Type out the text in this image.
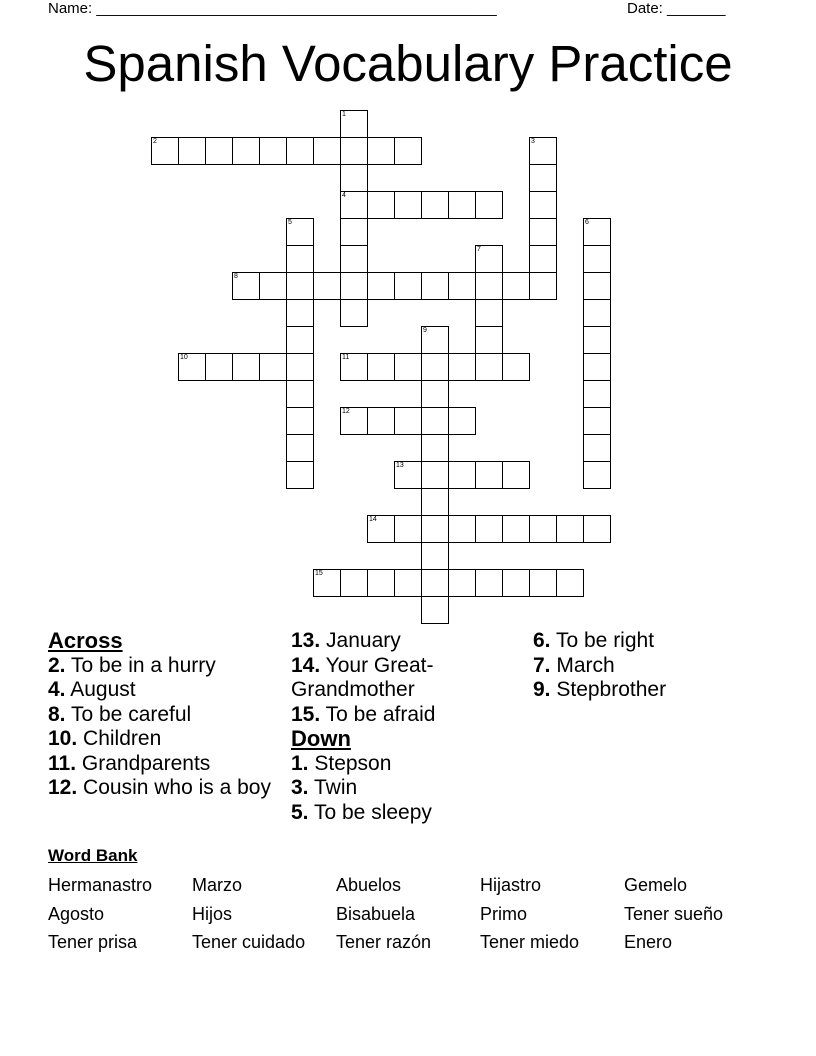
Name: ________________________________________________	Date: _______
Spanish Vocabulary Practice
1
4
2	3
5	6
7
8
9
10	11
12
13
14
15

Across

2. To be in a hurry

4. August

8. To be careful

10. Children

11. Grandparents

12. Cousin who is a boy

13. January

14. Your Great-Grandmother

15. To be afraid

Down

1. Stepson

3. Twin

5. To be sleepy

6. To be right

7. March

9. Stepbrother

Word Bank
Hermanastro	Marzo	Abuelos	Hijastro	Gemelo
Agosto	Hijos	Bisabuela	Primo	Tener sueño
Tener prisa	Tener cuidado	Tener razón	Tener miedo	Enero
